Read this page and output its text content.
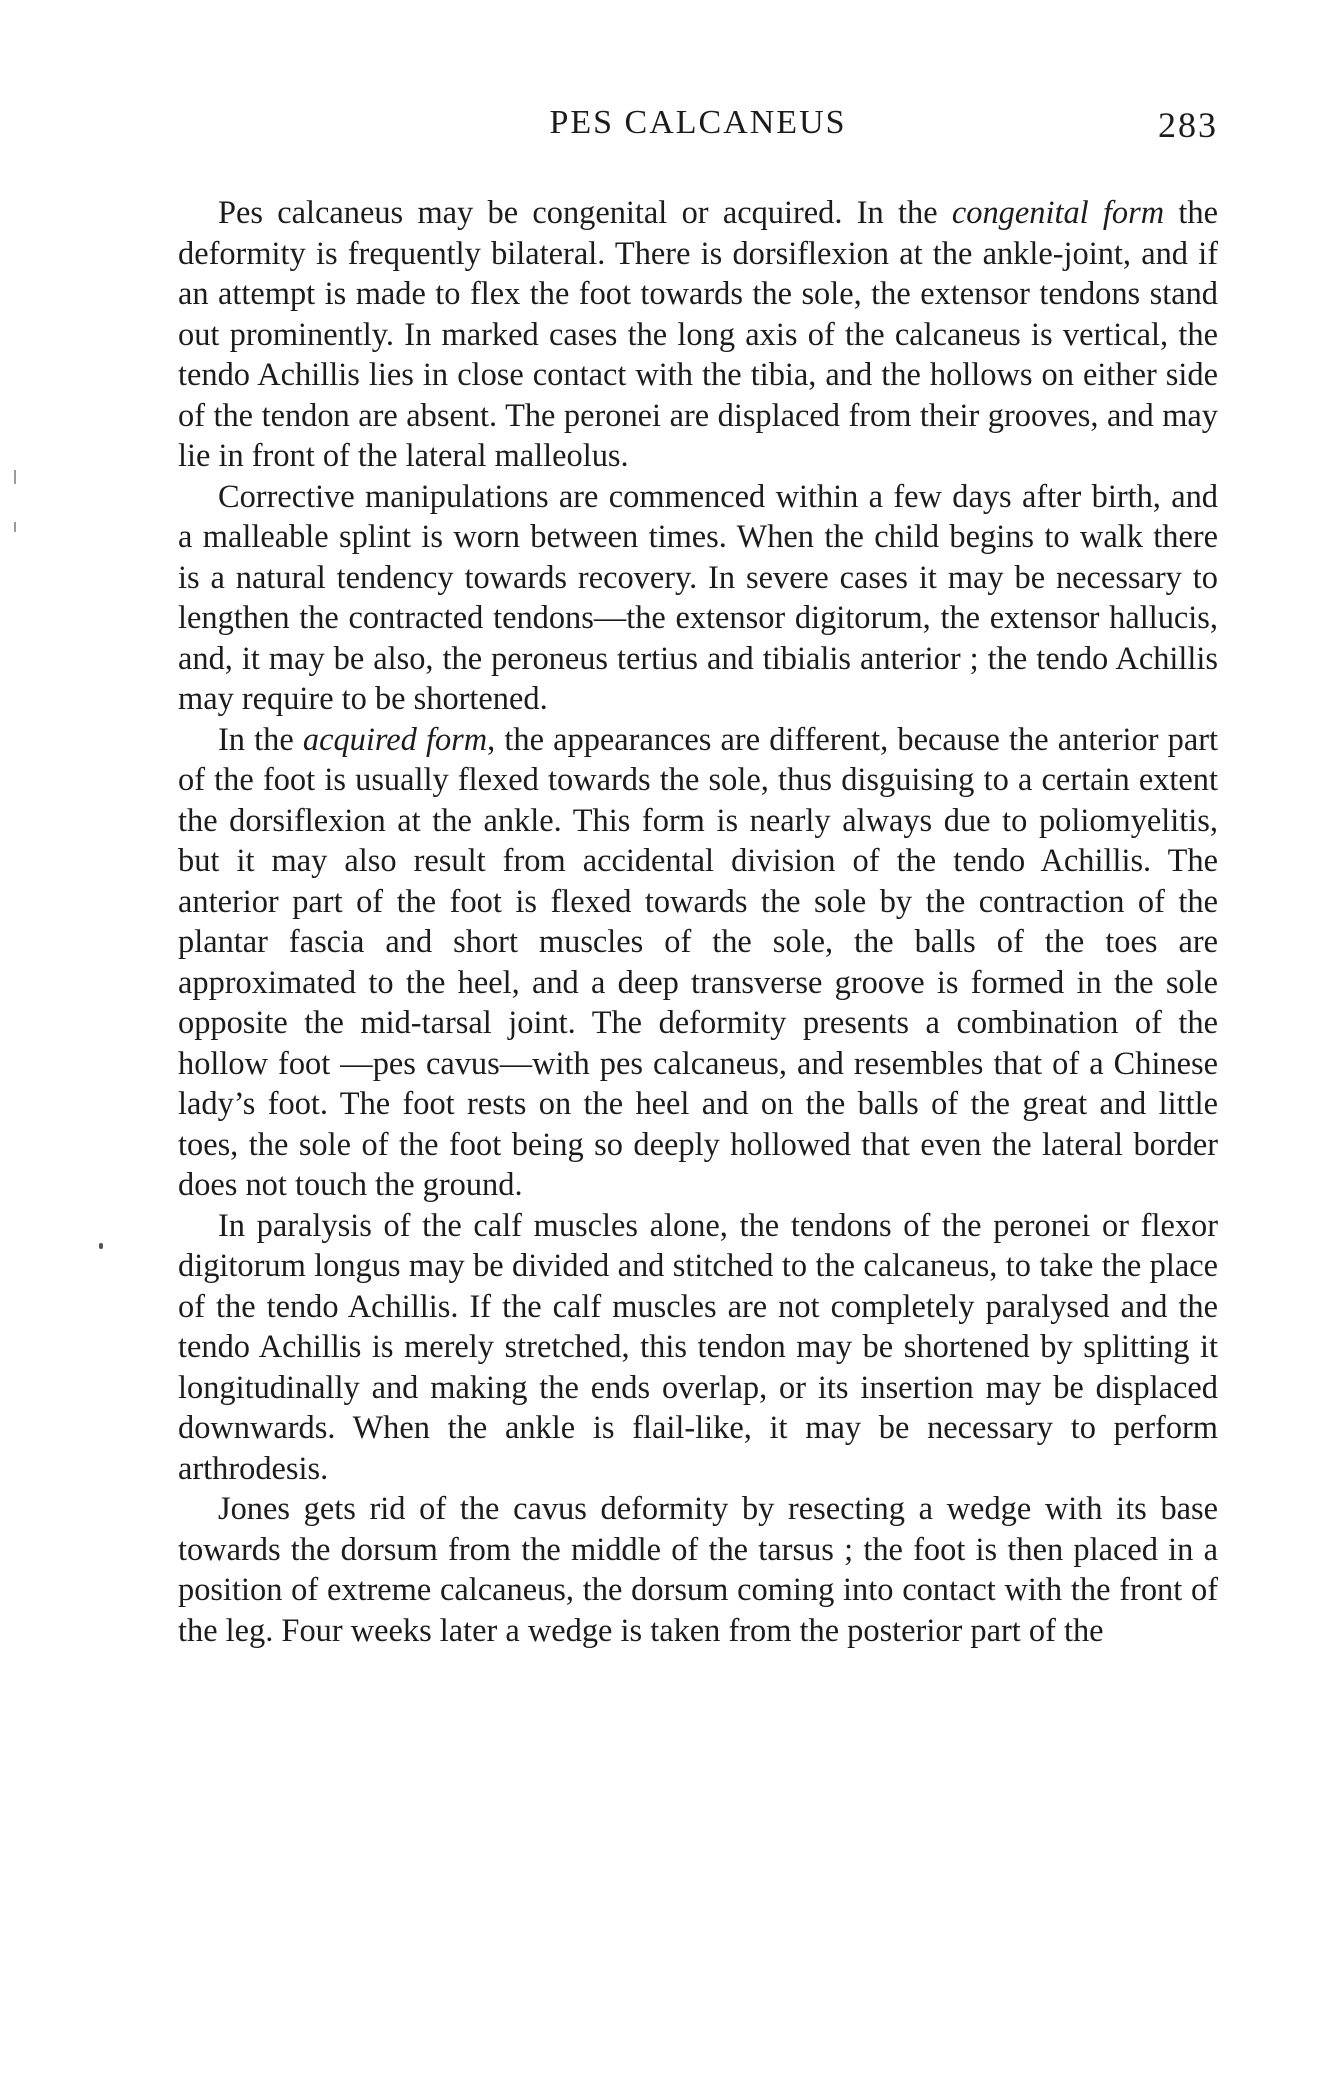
PES CALCANEUS	283

Pes calcaneus may be congenital or acquired. In the congenital form the deformity is frequently bilateral. There is dorsiflexion at the ankle-joint, and if an attempt is made to flex the foot towards the sole, the extensor tendons stand out prominently. In marked cases the long axis of the calcaneus is vertical, the tendo Achillis lies in close contact with the tibia, and the hollows on either side of the tendon are absent. The peronei are displaced from their grooves, and may lie in front of the lateral malleolus.

Corrective manipulations are commenced within a few days after birth, and a malleable splint is worn between times. When the child begins to walk there is a natural tendency towards recovery. In severe cases it may be necessary to lengthen the contracted tendons—the extensor digitorum, the extensor hallucis, and, it may be also, the peroneus tertius and tibialis anterior ; the tendo Achillis may require to be shortened.

In the acquired form, the appearances are different, because the anterior part of the foot is usually flexed towards the sole, thus disguising to a certain extent the dorsiflexion at the ankle. This form is nearly always due to poliomyelitis, but it may also result from accidental division of the tendo Achillis. The anterior part of the foot is flexed towards the sole by the contraction of the plantar fascia and short muscles of the sole, the balls of the toes are approximated to the heel, and a deep transverse groove is formed in the sole opposite the mid-tarsal joint. The deformity presents a combination of the hollow foot —pes cavus—with pes calcaneus, and resembles that of a Chinese lady’s foot. The foot rests on the heel and on the balls of the great and little toes, the sole of the foot being so deeply hollowed that even the lateral border does not touch the ground.

In paralysis of the calf muscles alone, the tendons of the peronei or flexor digitorum longus may be divided and stitched to the calcaneus, to take the place of the tendo Achillis. If the calf muscles are not completely paralysed and the tendo Achillis is merely stretched, this tendon may be shortened by splitting it longitudinally and making the ends overlap, or its insertion may be displaced downwards. When the ankle is flail-like, it may be necessary to perform arthrodesis.

Jones gets rid of the cavus deformity by resecting a wedge with its base towards the dorsum from the middle of the tarsus ; the foot is then placed in a position of extreme calcaneus, the dorsum coming into contact with the front of the leg. Four weeks later a wedge is taken from the posterior part of the
